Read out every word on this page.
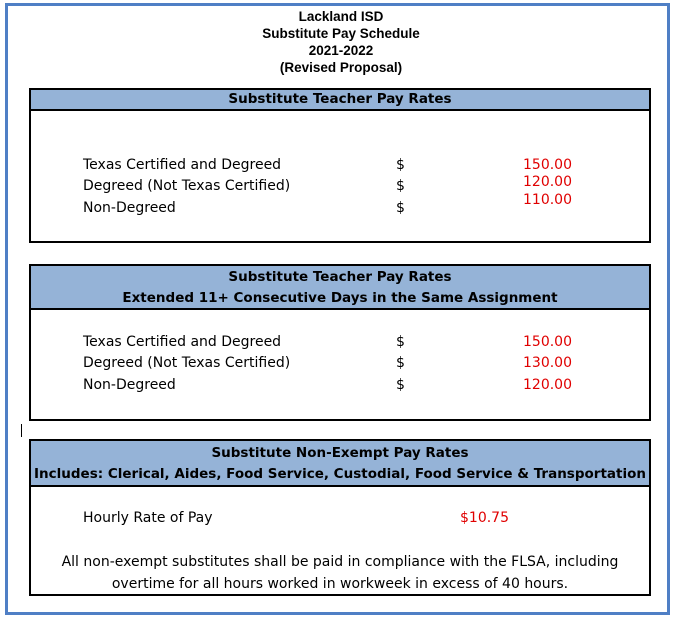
Lackland ISD
Substitute Pay Schedule
2021-2022
(Revised Proposal)
Substitute Teacher Pay Rates
Texas Certified and Degreed	$	150.00
Degreed (Not Texas Certified)	$	120.00
Non-Degreed	$	110.00
Substitute Teacher Pay Rates
Extended 11+ Consecutive Days in the Same Assignment
Texas Certified and Degreed	$	150.00
Degreed (Not Texas Certified)	$	130.00
Non-Degreed	$	120.00
Substitute Non-Exempt Pay Rates
Includes: Clerical, Aides, Food Service, Custodial, Food Service & Transportation
Hourly Rate of Pay	$10.75
All non-exempt substitutes shall be paid in compliance with the FLSA, including
overtime for all hours worked in workweek in excess of 40 hours.
